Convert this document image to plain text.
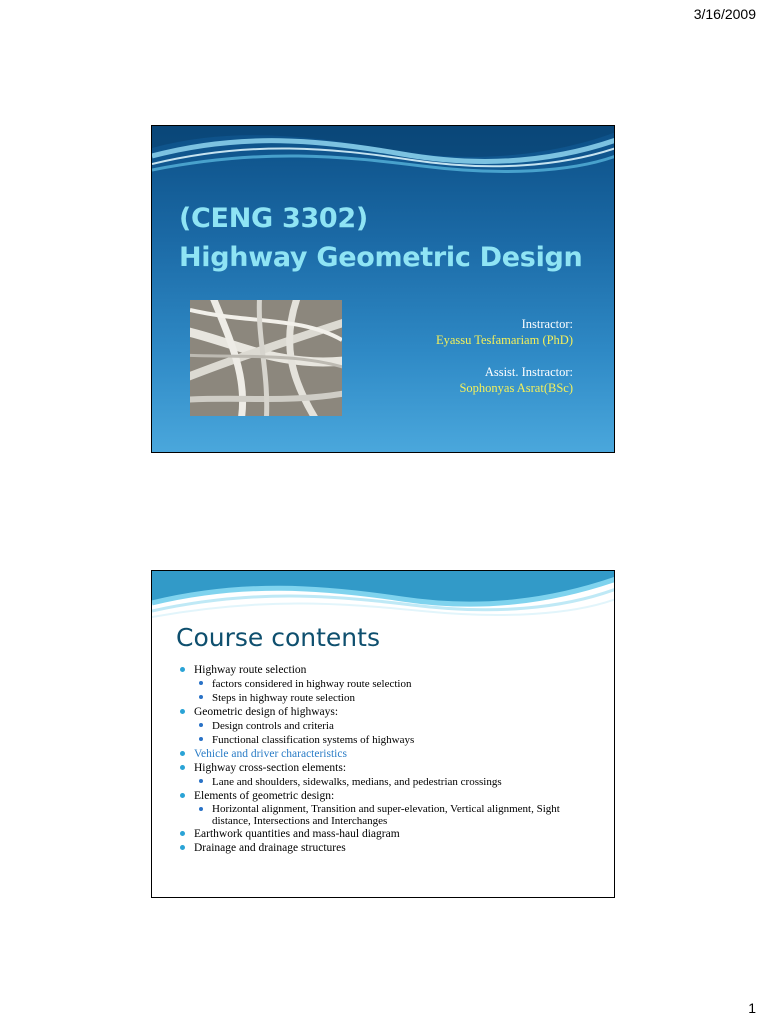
3/16/2009
(CENG 3302)
Highway Geometric Design
Instractor:
Eyassu Tesfamariam (PhD)
Assist. Instractor:
Sophonyas Asrat(BSc)
Course contents
Highway route selection
factors considered in highway route selection
Steps in highway route selection
Geometric design of highways:
Design controls and criteria
Functional classification systems of highways
Vehicle and driver characteristics
Highway cross-section elements:
Lane and shoulders, sidewalks, medians, and pedestrian crossings
Elements of geometric design:
Horizontal alignment, Transition and super-elevation, Vertical alignment, Sight distance, Intersections and Interchanges
Earthwork quantities and mass-haul diagram
Drainage and drainage structures
1
